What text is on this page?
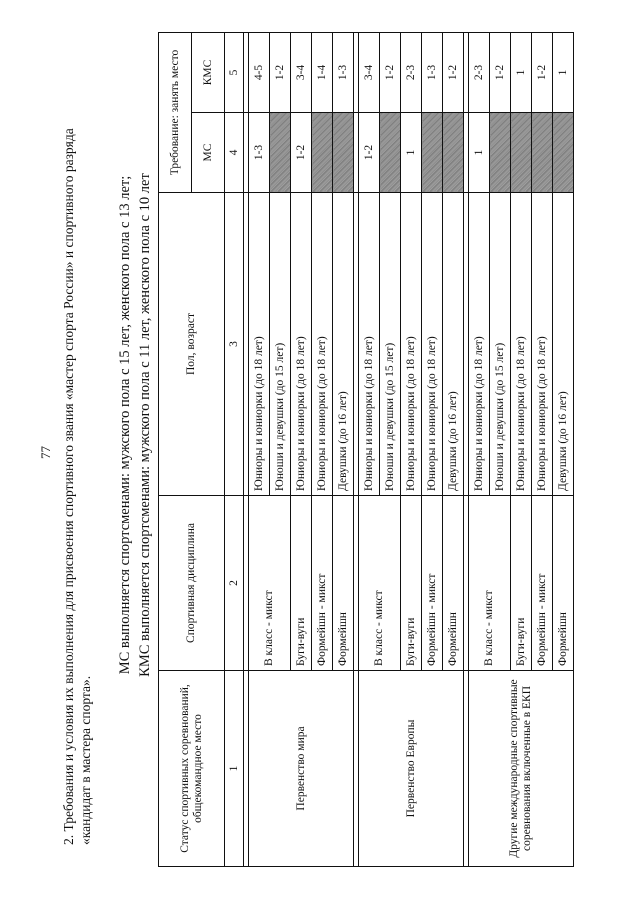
77 2. Требования и условия их выполнения для присвоения спортивного звания «мастер спорта России» и спортивного разряда «кандидат в мастера спорта».
МС выполняется спортсменами: мужского пола с 15 лет, женского пола с 13 лет; КМС выполняется спортсменами: мужского пола с 11 лет, женского пола с 10 лет
Статус спортивных соревнований, общекомандное место	Спортивная дисциплина	Пол, возраст	Требование: занять место	
			МС	КМС
1	2	3	4	5

Первенство мира	В класс - микст	Юниоры и юниорки (до 18 лет)	1-3	4-5
		Юноши и девушки (до 15 лет)		1-2
	Буги-вуги	Юниоры и юниорки (до 18 лет)	1-2	3-4
	Формейшн - микст	Юниоры и юниорки (до 18 лет)		1-4
	Формейшн	Девушки (до 16 лет)		1-3

Первенство Европы	В класс - микст	Юниоры и юниорки (до 18 лет)	1-2	3-4
		Юноши и девушки (до 15 лет)		1-2
	Буги-вуги	Юниоры и юниорки (до 18 лет)	1	2-3
	Формейшн - микст	Юниоры и юниорки (до 18 лет)		1-3
	Формейшн	Девушки (до 16 лет)		1-2

Другие международные спортивные соревнования включенные в ЕКП	В класс - микст	Юниоры и юниорки (до 18 лет)	1	2-3
		Юноши и девушки (до 15 лет)		1-2
	Буги-вуги	Юниоры и юниорки (до 18 лет)		1
	Формейшн - микст	Юниоры и юниорки (до 18 лет)		1-2
	Формейшн	Девушки (до 16 лет)		1
